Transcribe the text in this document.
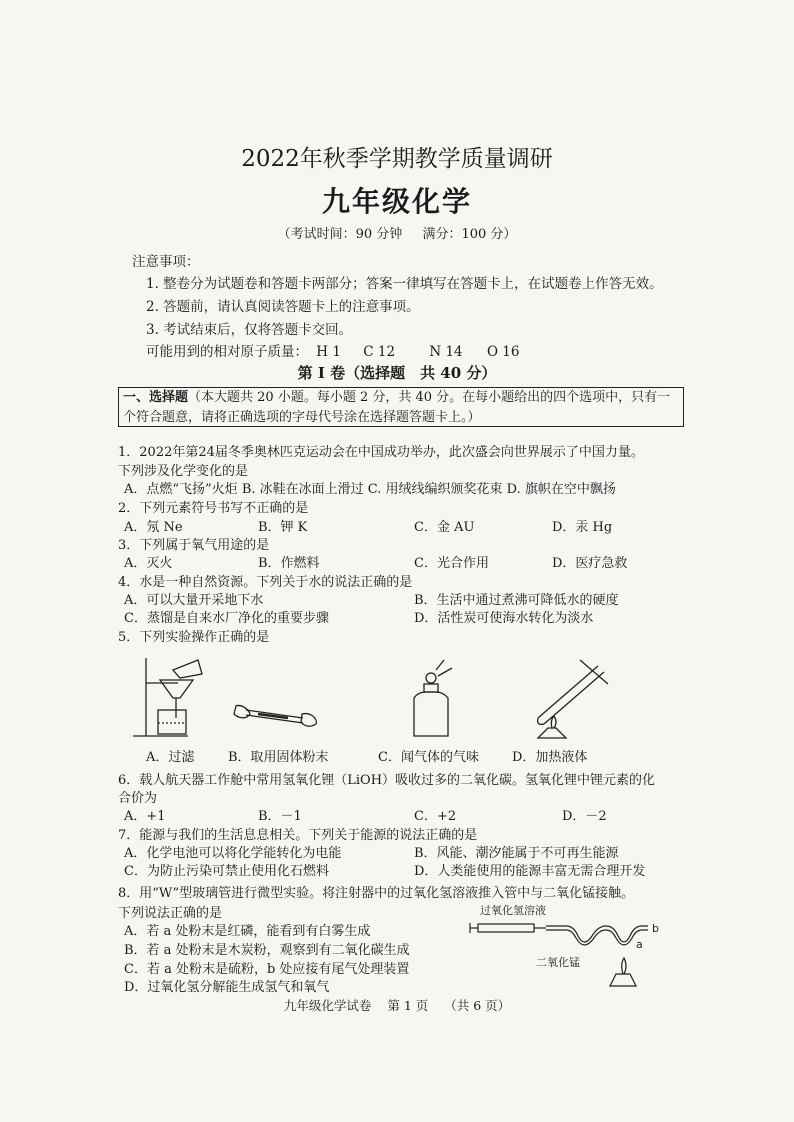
2022年秋季学期教学质量调研
九年级化学
（考试时间：90 分钟 满分：100 分）
注意事项：
1. 整卷分为试题卷和答题卡两部分；答案一律填写在答题卡上，在试题卷上作答无效。
2. 答题前，请认真阅读答题卡上的注意事项。
3. 考试结束后，仅将答题卡交回。
可能用到的相对原子质量： H 1 C 12	N 14 O 16
第 I 卷（选择题　共 40 分）
一、选择题（本大题共 20 小题。每小题 2 分，共 40 分。在每小题给出的四个选项中，只有一个符合题意，请将正确选项的字母代号涂在选择题答题卡上。）
1．2022年第24届冬季奥林匹克运动会在中国成功举办，此次盛会向世界展示了中国力量。
下列涉及化学变化的是
A．点燃“飞扬”火炬 B. 冰鞋在冰面上滑过 C. 用绒线编织颁奖花束 D. 旗帜在空中飘扬
2．下列元素符号书写不正确的是
A．氖 Ne	B．钾 K	C．金 AU	D．汞 Hg
3．下列属于氧气用途的是
A．灭火	B．作燃料	C．光合作用	D．医疗急救
4．水是一种自然资源。下列关于水的说法正确的是
A．可以大量开采地下水	B．生活中通过煮沸可降低水的硬度
C．蒸馏是自来水厂净化的重要步骤	D．活性炭可使海水转化为淡水
5．下列实验操作正确的是
A．过滤	B．取用固体粉末	C．闻气体的气味	D．加热液体
6．载人航天器工作舱中常用氢氧化锂（LiOH）吸收过多的二氧化碳。氢氧化锂中锂元素的化
合价为
A．+1	B．－1	C．+2	D．－2
7．能源与我们的生活息息相关。下列关于能源的说法正确的是
A．化学电池可以将化学能转化为电能	B．风能、潮汐能属于不可再生能源
C．为防止污染可禁止使用化石燃料	D．人类能使用的能源丰富无需合理开发
8．用“W”型玻璃管进行微型实验。将注射器中的过氧化氢溶液推入管中与二氧化锰接触。
下列说法正确的是
A．若 a 处粉末是红磷，能看到有白雾生成
B．若 a 处粉末是木炭粉，观察到有二氧化碳生成
C．若 a 处粉末是硫粉，b 处应接有尾气处理装置
D．过氧化氢分解能生成氢气和氧气
过氧化氢溶液
b
a
二氧化锰
九年级化学试卷 第 1 页 （共 6 页）
